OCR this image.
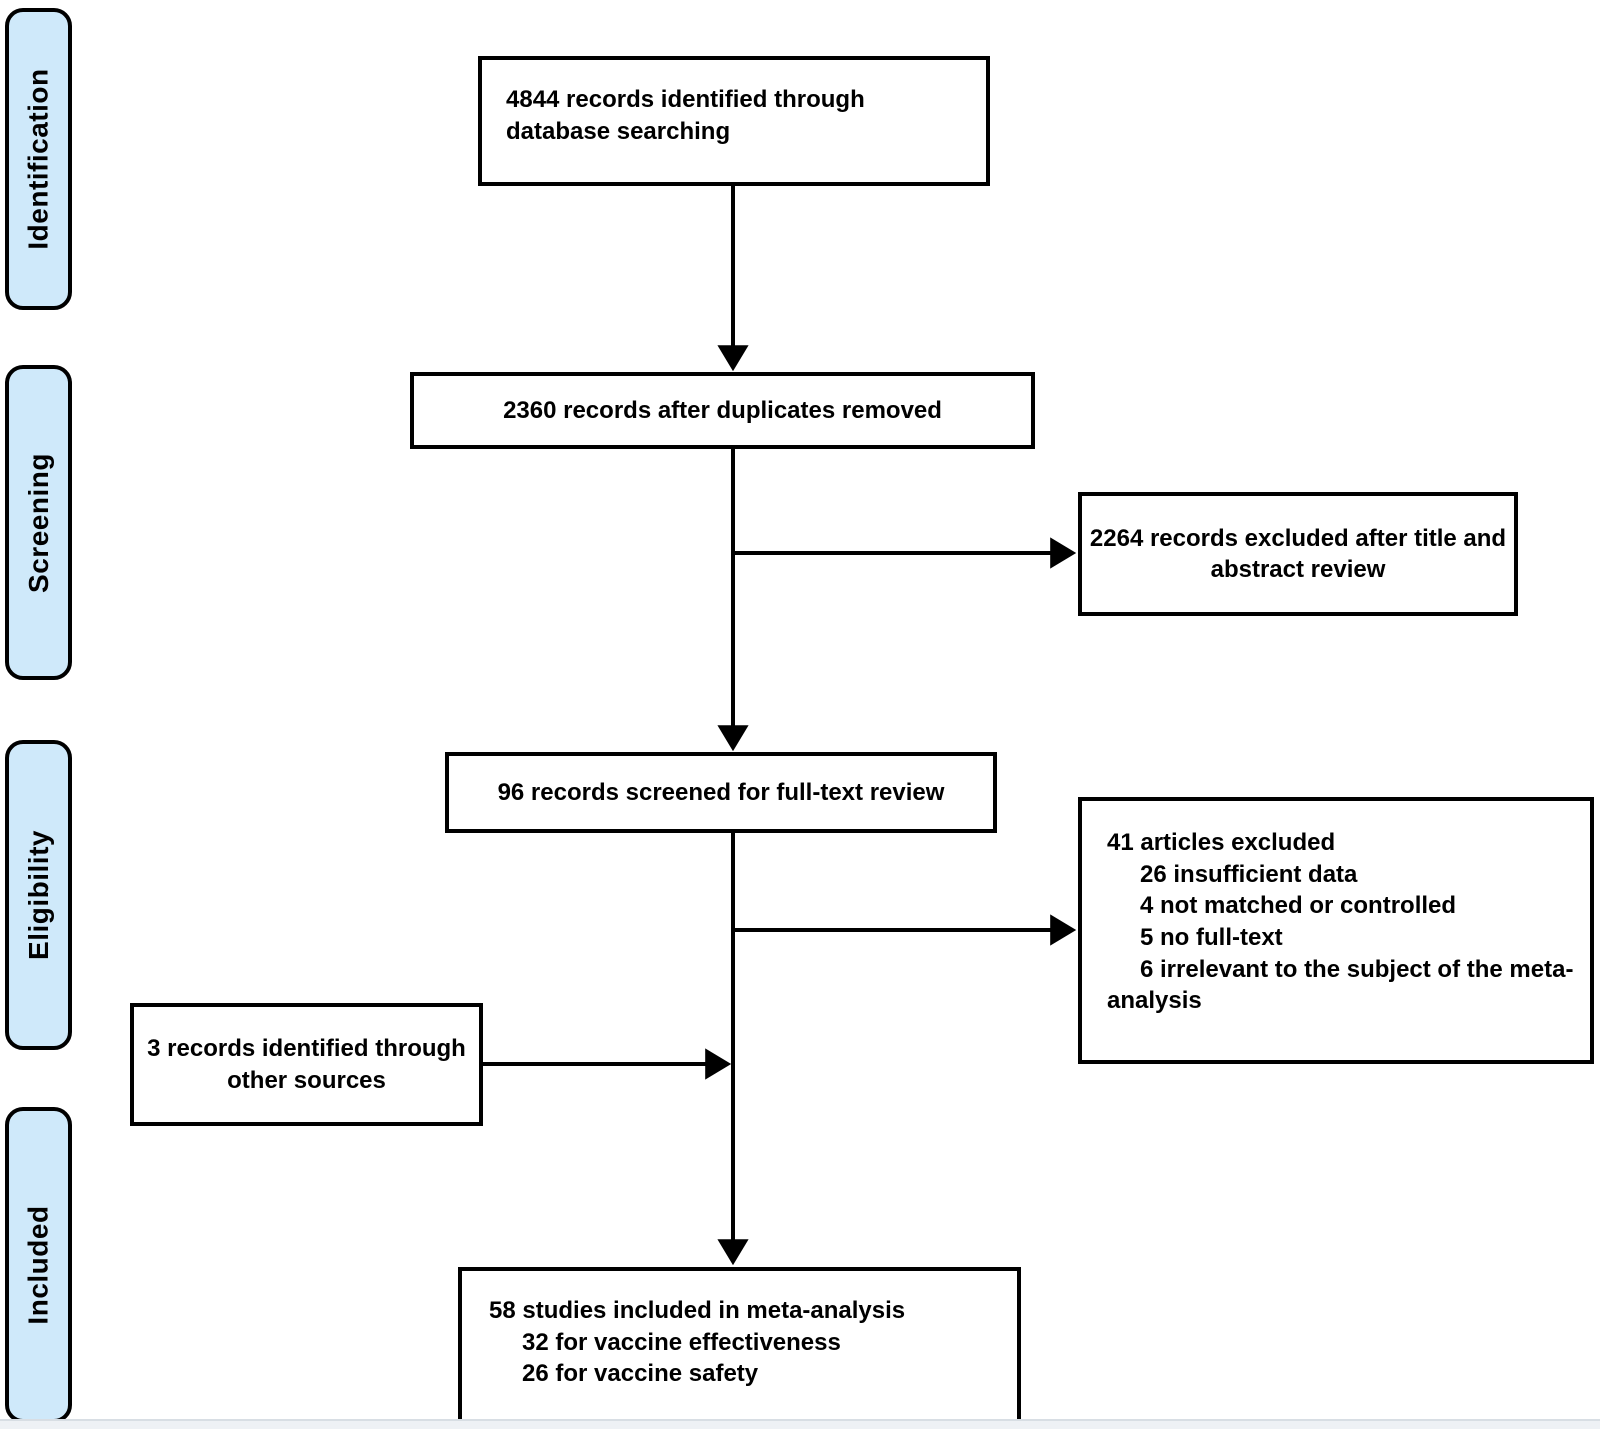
Identification
Screening
Eligibility
Included
4844 records identified through database searching
2360 records after duplicates removed
2264 records excluded after title and abstract review
96 records screened for full-text review
41 articles excluded
26 insufficient data
4 not matched or controlled
5 no full-text
6 irrelevant to the subject of the meta-analysis
3 records identified through other sources
58 studies included in meta-analysis
32 for vaccine effectiveness
26 for vaccine safety
